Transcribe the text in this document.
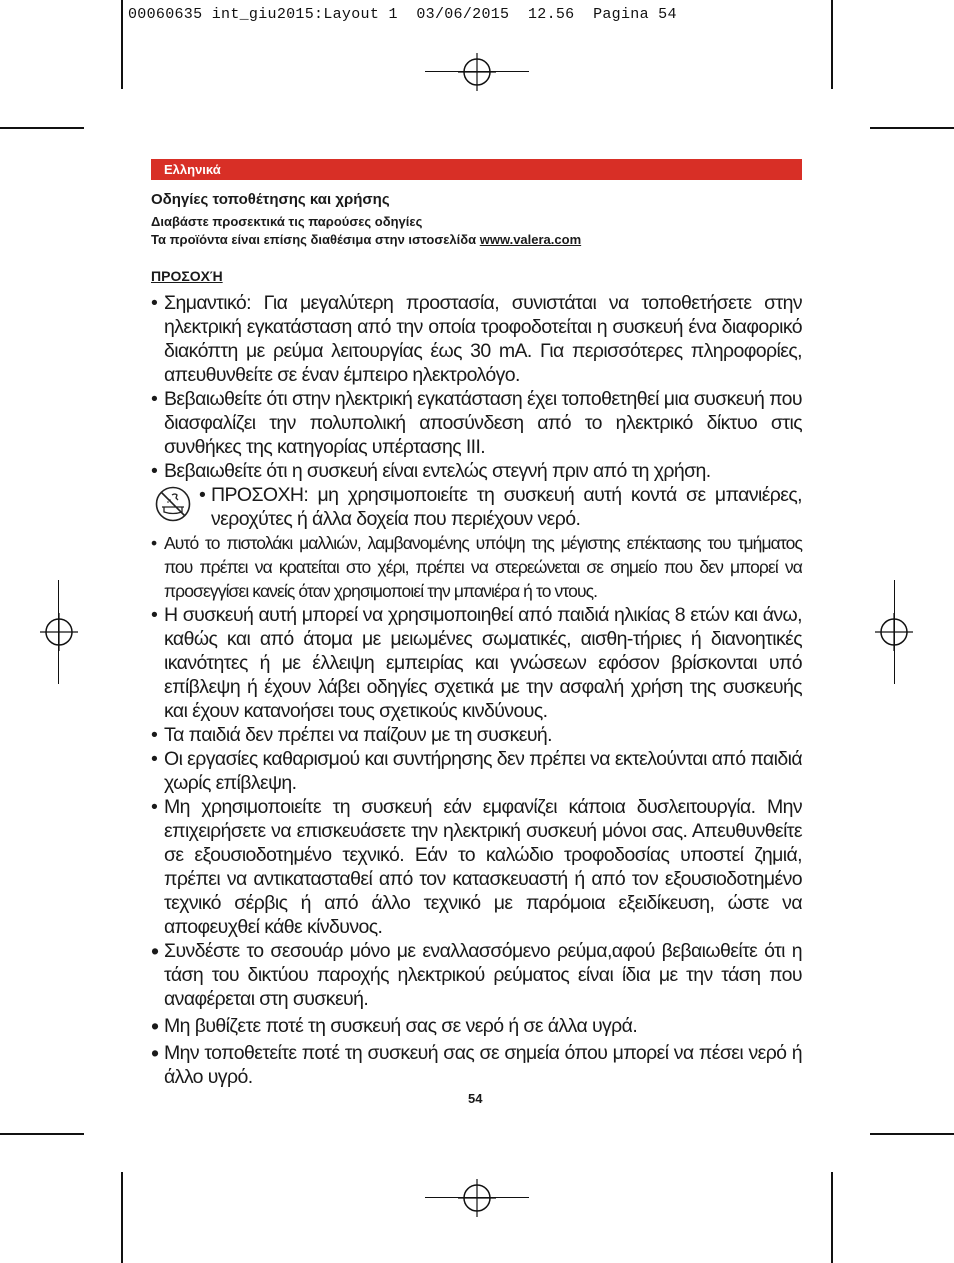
00060635 int_giu2015:Layout 1  03/06/2015  12.56  Pagina 54
Ελληνικά
Οδηγίες τοποθέτησης και χρήσης
Διαβάστε προσεκτικά τις παρούσες οδηγίες
Τα προϊόντα είναι επίσης διαθέσιμα στην ιστοσελίδα www.valera.com
ΠΡΟΣΟΧΉ
• Σημαντικό: Για μεγαλύτερη προστασία, συνιστάται να τοποθετήσετε στην ηλεκτρική εγκατάσταση από την οποία τροφοδοτείται η συσκευή ένα διαφορικό διακόπτη με ρεύμα λειτουργίας έως 30 mA. Για περισσότερες πληροφορίες, απευθυνθείτε σε έναν έμπειρο ηλεκτρολόγο.
• Βεβαιωθείτε ότι στην ηλεκτρική εγκατάσταση έχει τοποθετηθεί μια συσκευή που διασφαλίζει την πολυπολική αποσύνδεση από το ηλεκτρικό δίκτυο στις συνθήκες της κατηγορίας υπέρτασης III.
• Βεβαιωθείτε ότι η συσκευή είναι εντελώς στεγνή πριν από τη χρήση.
• ΠΡΟΣΟΧΗ: μη χρησιμοποιείτε τη συσκευή αυτή κοντά σε μπανιέρες, νεροχύτες ή άλλα δοχεία που περιέχουν νερό.
• Αυτό το πιστολάκι μαλλιών, λαμβανομένης υπόψη της μέγιστης επέκτασης του τμήματος που πρέπει να κρατείται στο χέρι, πρέπει να στερεώνεται σε σημείο που δεν μπορεί να προσεγγίσει κανείς όταν χρησιμοποιεί την μπανιέρα ή το ντους.
• Η συσκευή αυτή μπορεί να χρησιμοποιηθεί από παιδιά ηλικίας 8 ετών και άνω, καθώς και από άτομα με μειωμένες σωματικές, αισθη-τήριες ή διανοητικές ικανότητες ή με έλλειψη εμπειρίας και γνώσεων εφόσον βρίσκονται υπό επίβλεψη ή έχουν λάβει οδηγίες σχετικά με την ασφαλή χρήση της συσκευής και έχουν κατανοήσει τους σχετικούς κινδύνους.
• Τα παιδιά δεν πρέπει να παίζουν με τη συσκευή.
• Οι εργασίες καθαρισμού και συντήρησης δεν πρέπει να εκτελούνται από παιδιά χωρίς επίβλεψη.
• Μη χρησιμοποιείτε τη συσκευή εάν εμφανίζει κάποια δυσλειτουργία. Μην επιχειρήσετε να επισκευάσετε την ηλεκτρική συσκευή μόνοι σας. Απευθυνθείτε σε εξουσιοδοτημένο τεχνικό. Εάν το καλώδιο τροφοδοσίας υποστεί ζημιά, πρέπει να αντικατασταθεί από τον κατασκευαστή ή από τον εξουσιοδοτημένο τεχνικό σέρβις ή από άλλο τεχνικό με παρόμοια εξειδίκευση, ώστε να αποφευχθεί κάθε κίνδυνος.
• Συνδέστε το σεσουάρ μόνο με εναλλασσόμενο ρεύμα,αφού βεβαιωθείτε ότι η τάση του δικτύου παροχής ηλεκτρικού ρεύματος είναι ίδια με την τάση που αναφέρεται στη συσκευή.
• Μη βυθίζετε ποτέ τη συσκευή σας σε νερό ή σε άλλα υγρά.
• Μην τοποθετείτε ποτέ τη συσκευή σας σε σημεία όπου μπορεί να πέσει νερό ή άλλο υγρό.
54
